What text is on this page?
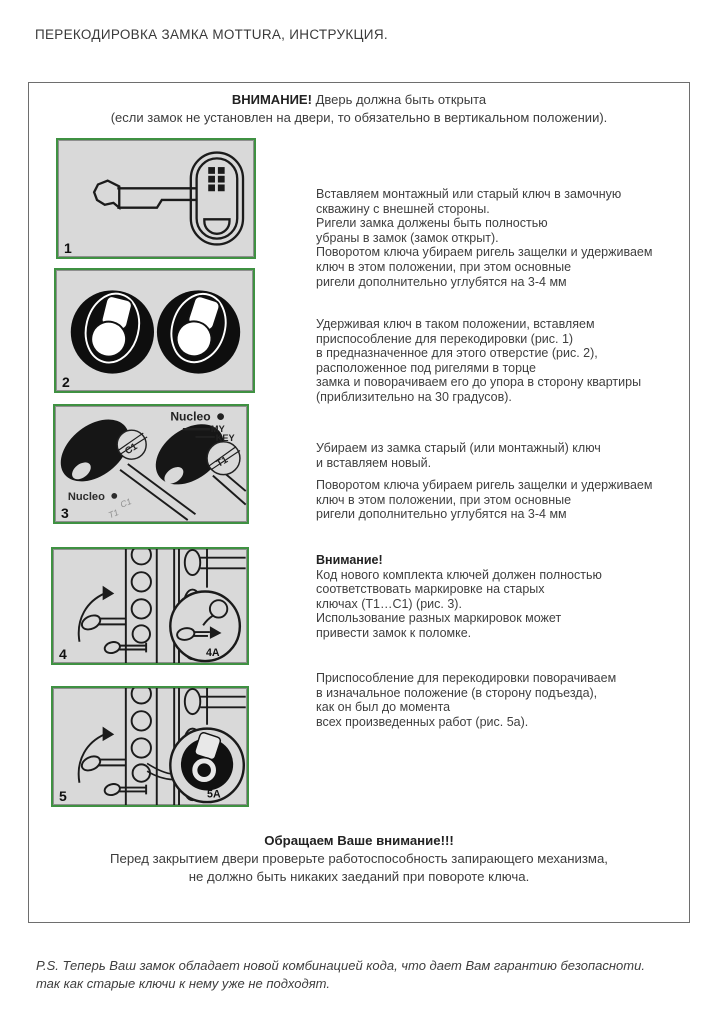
ПЕРЕКОДИРОВКА ЗАМКА MOTTURA, ИНСТРУКЦИЯ.
ВНИМАНИЕ! Дверь должна быть открыта
(если замок не установлен на двери, то обязательно в вертикальном положении).
1
2
C1
T1
Nucleo
MY
KEY
Nucleo C1
T1
3
4A
4
5A
5
Вставляем монтажный или старый ключ в замочную
скважину с внешней стороны.
Ригели замка должены быть полностью
убраны в замок (замок открыт).
Поворотом ключа убираем ригель защелки и удерживаем
ключ в этом положении, при этом основные
ригели дополнительно углубятся на 3-4 мм
Удерживая ключ в таком положении, вставляем
приспособление для перекодировки (рис. 1)
в предназначенное для этого отверстие (рис. 2),
расположенное под ригелями в торце
замка и поворачиваем его до упора в сторону квартиры
(приблизительно на 30 градусов).
Убираем из замка старый (или монтажный) ключ
и вставляем новый.
Поворотом ключа убираем ригель защелки и удерживаем
ключ в этом положении, при этом основные
ригели дополнительно углубятся на 3-4 мм
Внимание!
Код нового комплекта ключей должен полностью
соответствовать маркировке на старых
ключах (Т1…С1) (рис. 3).
Использование разных маркировок может
привести замок к поломке.
Приспособление для перекодировки поворачиваем
в изначальное положение (в сторону подъезда),
как он был до момента
всех произведенных работ (рис. 5а).
Обращаем Ваше внимание!!!
Перед закрытием двери проверьте работоспособность запирающего механизма,
не должно быть никаких заеданий при повороте ключа.
P.S. Теперь Ваш замок обладает новой комбинацией кода, что дает Вам гарантию безопасноти.
так как старые ключи к нему уже не подходят.
